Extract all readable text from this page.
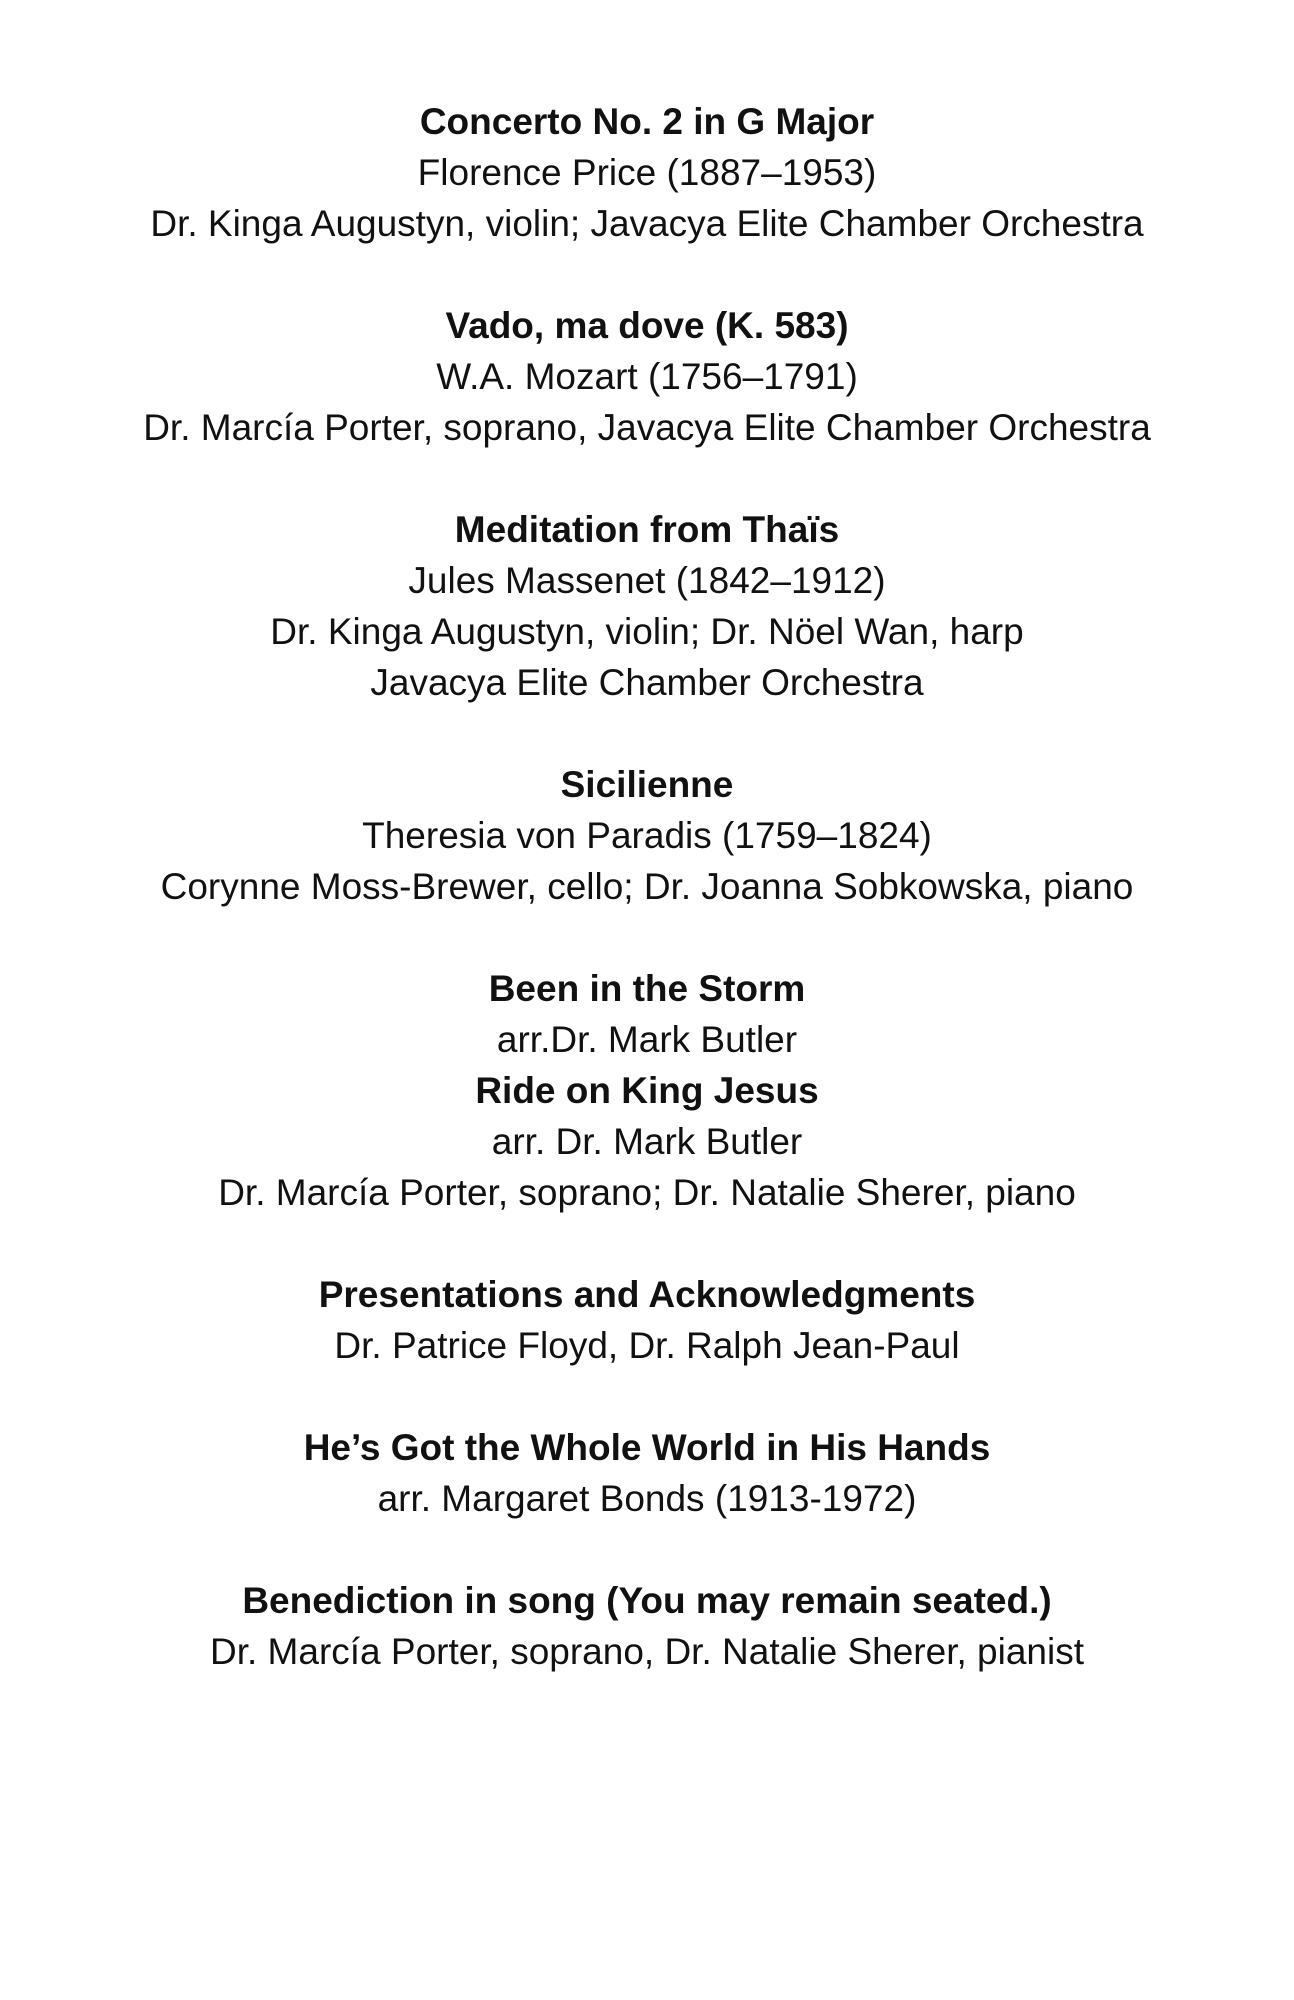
Concerto No. 2 in G Major
Florence Price (1887–1953)
Dr. Kinga Augustyn, violin; Javacya Elite Chamber Orchestra
Vado, ma dove (K. 583)
W.A. Mozart (1756–1791)
Dr. Marcía Porter, soprano, Javacya Elite Chamber Orchestra
Meditation from Thaïs
Jules Massenet (1842–1912)
Dr. Kinga Augustyn, violin; Dr. Nöel Wan, harp
Javacya Elite Chamber Orchestra
Sicilienne
Theresia von Paradis (1759–1824)
Corynne Moss-Brewer, cello; Dr. Joanna Sobkowska, piano
Been in the Storm
arr.Dr. Mark Butler
Ride on King Jesus
arr. Dr. Mark Butler
Dr. Marcía Porter, soprano; Dr. Natalie Sherer, piano
Presentations and Acknowledgments
Dr. Patrice Floyd, Dr. Ralph Jean-Paul
He’s Got the Whole World in His Hands
arr. Margaret Bonds (1913-1972)
Benediction in song (You may remain seated.)
Dr. Marcía Porter, soprano, Dr. Natalie Sherer, pianist
